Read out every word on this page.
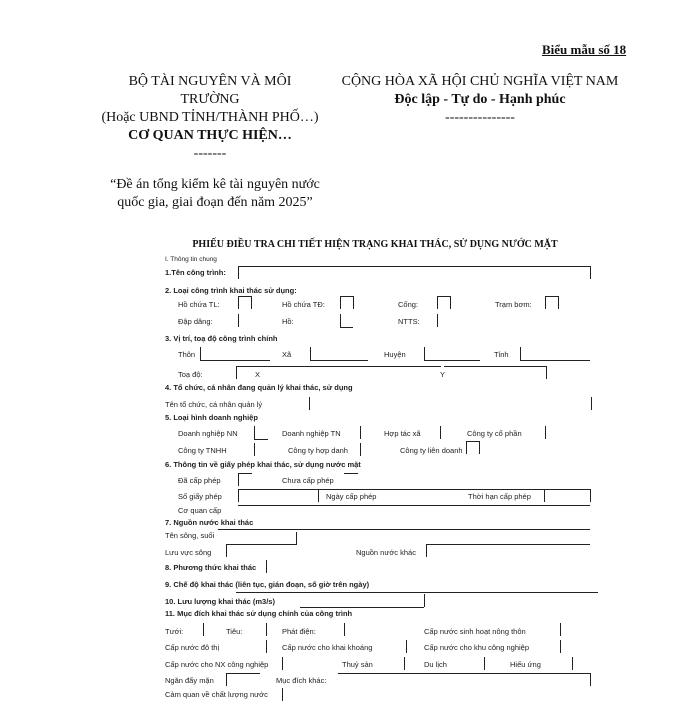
Biểu mẫu số 18
BỘ TÀI NGUYÊN VÀ MÔI
TRƯỜNG
(Hoặc UBND TỈNH/THÀNH PHỐ…)
CƠ QUAN THỰC HIỆN…
-------
CỘNG HÒA XÃ HỘI CHỦ NGHĨA VIỆT NAM
Độc lập - Tự do - Hạnh phúc
---------------
“Đề án tổng kiểm kê tài nguyên nước
quốc gia, giai đoạn đến năm 2025”
PHIẾU ĐIỀU TRA CHI TIẾT HIỆN TRẠNG KHAI THÁC, SỬ DỤNG NƯỚC MẶT
I. Thông tin chung
1.Tên công trình:
2. Loại công trình khai thác sử dụng:
Hồ chứa TL:	Hồ chứa TĐ:	Cống:	Trạm bơm:
Đập dâng:	Hồ:	NTTS:
3. Vị trí, toạ độ công trình chính
Thôn	Xã	Huyện	Tỉnh
Toạ độ:	X	Y
4. Tổ chức, cá nhân đang quản lý khai thác, sử dụng
Tên tổ chức, cá nhân quản lý
5. Loại hình doanh nghiệp
Doanh nghiệp NN	Doanh nghiệp TN	Hợp tác xã	Công ty cổ phần
Công ty TNHH	Công ty hợp danh	Công ty liên doanh
6. Thông tin về giấy phép khai thác, sử dụng nước mặt
Đã cấp phép	Chưa cấp phép
Số giấy phép	Ngày cấp phép	Thời hạn cấp phép
Cơ quan cấp
7. Nguồn nước khai thác
Tên sông, suối
Lưu vực sông	Nguồn nước khác
8. Phương thức khai thác
9. Chế độ khai thác (liên tục, gián đoạn, số giờ trên ngày)
10. Lưu lượng khai thác (m3/s)
11. Mục đích khai thác sử dụng chính của công trình
Tưới:	Tiêu:	Phát điện:	Cấp nước sinh hoạt nông thôn
Cấp nước đô thị	Cấp nước cho khai khoáng	Cấp nước cho khu công nghiệp
Cấp nước cho NX công nghiệp	Thuỷ sản	Du lịch	Hiếu ứng
Ngăn đẩy mặn	Mục đích khác:
Cảm quan về chất lượng nước
